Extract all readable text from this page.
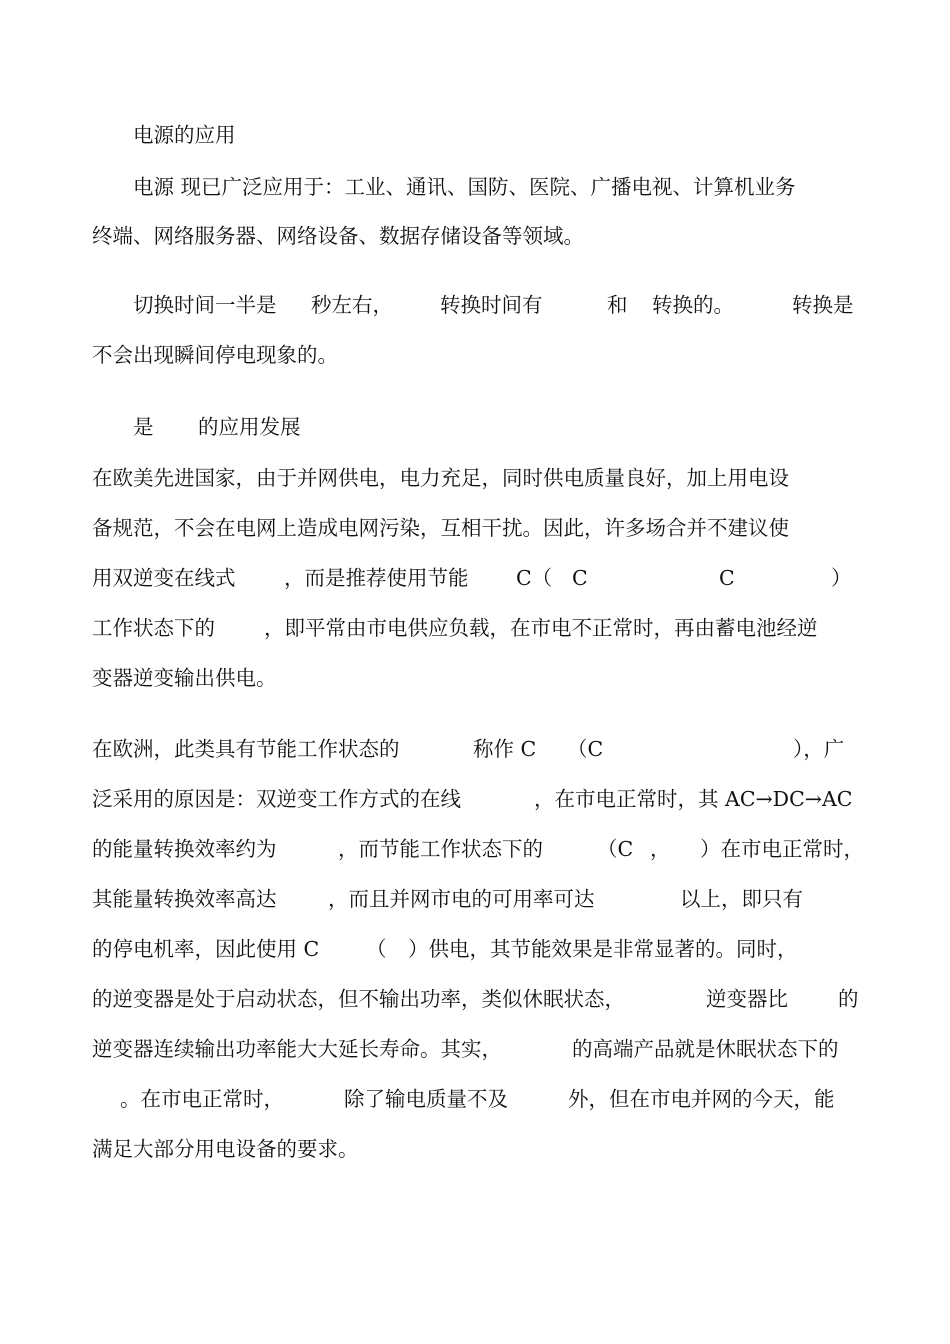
电源的应用

电源 现已广泛应用于：工业、通讯、国防、医院、广播电视、计算机业务

终端、网络服务器、网络设备、数据存储设备等领域。

切换时间一半是

秒左右，

转换时间有

	和

转换的。

	转换是

不会出现瞬间停电现象的。

是

的应用发展

在欧美先进国家，由于并网供电，电力充足，同时供电质量良好，加上用电设

备规范，不会在电网上造成电网污染，互相干扰。因此，许多场合并不建议使

用双逆变在线式

，而是推荐使用节能

C（

C

	C

	）

工作状态下的

，即平常由市电供应负载，在市电不正常时，再由蓄电池经逆

变器逆变输出供电。

在欧洲，此类具有节能工作状态的

	称作 C

（C

	），广

泛采用的原因是：双逆变工作方式的在线

	，在市电正常时，其 AC→DC→AC

的能量转换效率约为

	，而节能工作状态下的

	（C

，

）在市电正常时，

其能量转换效率高达

	，而且并网市电的可用率可达

	以上，即只有

的停电机率，因此使用 C

（

）供电，其节能效果是非常显著的。同时，

的逆变器是处于启动状态，但不输出功率，类似休眠状态，

	逆变器比

的

逆变器连续输出功率能大大延长寿命。其实，

	的高端产品就是休眠状态下的

。在市电正常时，

	除了输电质量不及

	外，但在市电并网的今天，能

满足大部分用电设备的要求。
